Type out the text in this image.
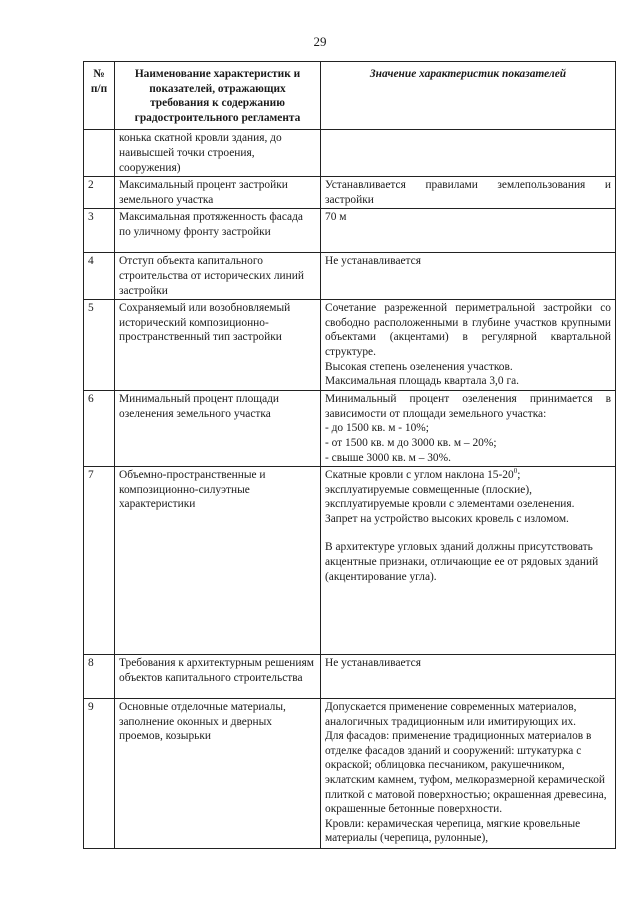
29
№ п/п	Наименование характеристик и показателей, отражающих требования к содержанию градостроительного регламента	Значение характеристик показателей
	конька скатной кровли здания, до наивысшей точки строения, сооружения)	
2	Максимальный процент застройки земельного участка	Устанавливается правилами землепользования и застройки
3	Максимальная протяженность фасада по уличному фронту застройки	70 м
4	Отступ объекта капитального строительства от исторических линий застройки	Не устанавливается
5	Сохраняемый или возобновляемый исторический композиционно-пространственный тип застройки	Сочетание разреженной периметральной застройки со свободно расположенными в глубине участков крупными объектами (акцентами) в регулярной квартальной структуре.
Высокая степень озеленения участков.
Максимальная площадь квартала 3,0 га.

6	Минимальный процент площади озеленения земельного участка	Минимальный процент озеленения принимается в зависимости от площади земельного участка:
- до 1500 кв. м - 10%;
- от 1500 кв. м до 3000 кв. м – 20%;
- свыше 3000 кв. м – 30%.

7	Объемно-пространственные и композиционно-силуэтные характеристики	Скатные кровли с углом наклона $15-20^0$;
эксплуатируемые совмещенные (плоские), эксплуатируемые кровли с элементами озеленения.
Запрет на устройство высоких кровель с изломом.
В архитектуре угловых зданий должны присутствовать акцентные признаки, отличающие ее от рядовых зданий (акцентирование угла).

8	Требования к архитектурным решениям объектов капитального строительства	Не устанавливается
9	Основные отделочные материалы, заполнение оконных и дверных проемов, козырьки	Допускается применение современных материалов, аналогичных традиционным или имитирующих их.
Для фасадов: применение традиционных материалов в отделке фасадов зданий и сооружений: штукатурка с окраской; облицовка песчаником, ракушечником, эклатским камнем, туфом, мелкоразмерной керамической плиткой с матовой поверхностью; окрашенная древесина, окрашенные бетонные поверхности.
Кровли: керамическая черепица, мягкие кровельные материалы (черепица, рулонные),
